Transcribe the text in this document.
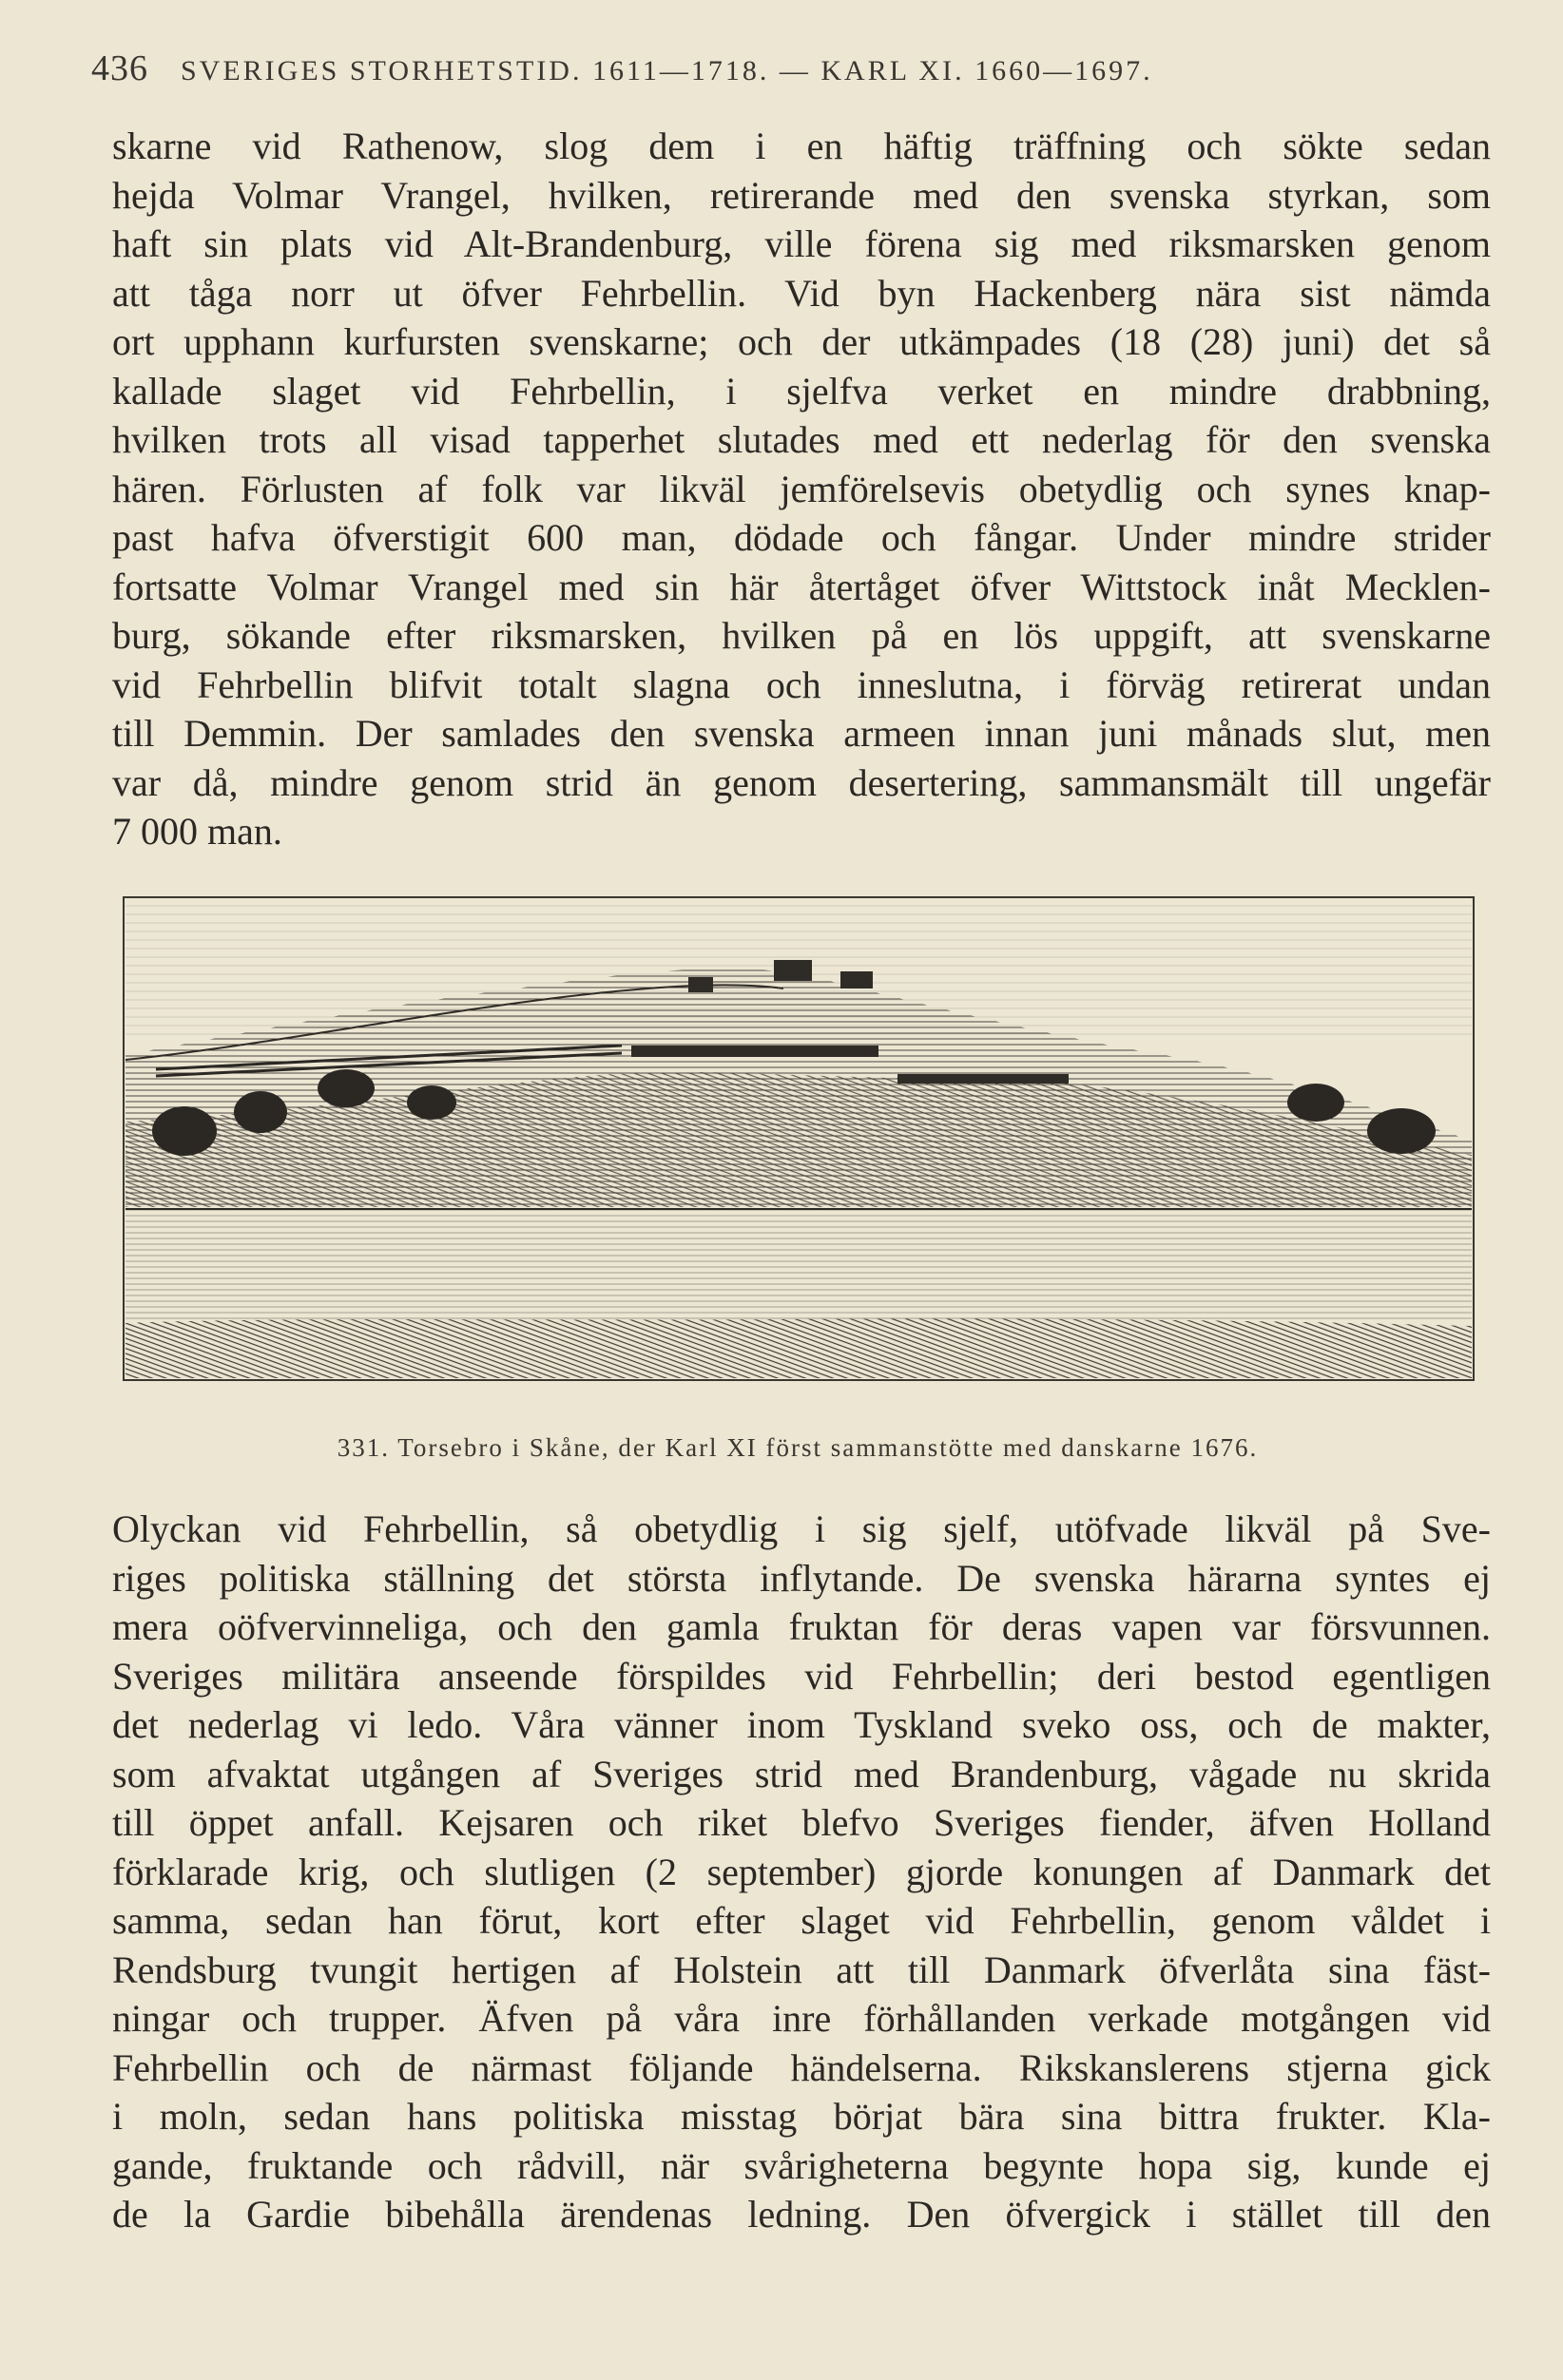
436 SVERIGES STORHETSTID. 1611—1718. — KARL XI. 1660—1697.
skarne vid Rathenow, slog dem i en häftig träffning och sökte sedan
hejda Volmar Vrangel, hvilken, retirerande med den svenska styrkan, som
haft sin plats vid Alt-Brandenburg, ville förena sig med riksmarsken genom
att tåga norr ut öfver Fehrbellin. Vid byn Hackenberg nära sist nämda
ort upphann kurfursten svenskarne; och der utkämpades (18 (28) juni) det så
kallade slaget vid Fehrbellin, i sjelfva verket en mindre drabbning,
hvilken trots all visad tapperhet slutades med ett nederlag för den svenska
hären. Förlusten af folk var likväl jemförelsevis obetydlig och synes knap-
past hafva öfverstigit 600 man, dödade och fångar. Under mindre strider
fortsatte Volmar Vrangel med sin här återtåget öfver Wittstock inåt Mecklen-
burg, sökande efter riksmarsken, hvilken på en lös uppgift, att svenskarne
vid Fehrbellin blifvit totalt slagna och inneslutna, i förväg retirerat undan
till Demmin. Der samlades den svenska armeen innan juni månads slut, men
var då, mindre genom strid än genom desertering, sammansmält till ungefär
7 000 man.
331. Torsebro i Skåne, der Karl XI först sammanstötte med danskarne 1676.
Olyckan vid Fehrbellin, så obetydlig i sig sjelf, utöfvade likväl på Sve-
riges politiska ställning det största inflytande. De svenska härarna syntes ej
mera oöfvervinneliga, och den gamla fruktan för deras vapen var försvunnen.
Sveriges militära anseende förspildes vid Fehrbellin; deri bestod egentligen
det nederlag vi ledo. Våra vänner inom Tyskland sveko oss, och de makter,
som afvaktat utgången af Sveriges strid med Brandenburg, vågade nu skrida
till öppet anfall. Kejsaren och riket blefvo Sveriges fiender, äfven Holland
förklarade krig, och slutligen (2 september) gjorde konungen af Danmark det
samma, sedan han förut, kort efter slaget vid Fehrbellin, genom våldet i
Rendsburg tvungit hertigen af Holstein att till Danmark öfverlåta sina fäst-
ningar och trupper. Äfven på våra inre förhållanden verkade motgången vid
Fehrbellin och de närmast följande händelserna. Rikskanslerens stjerna gick
i moln, sedan hans politiska misstag börjat bära sina bittra frukter. Kla-
gande, fruktande och rådvill, när svårigheterna begynte hopa sig, kunde ej
de la Gardie bibehålla ärendenas ledning. Den öfvergick i stället till den
